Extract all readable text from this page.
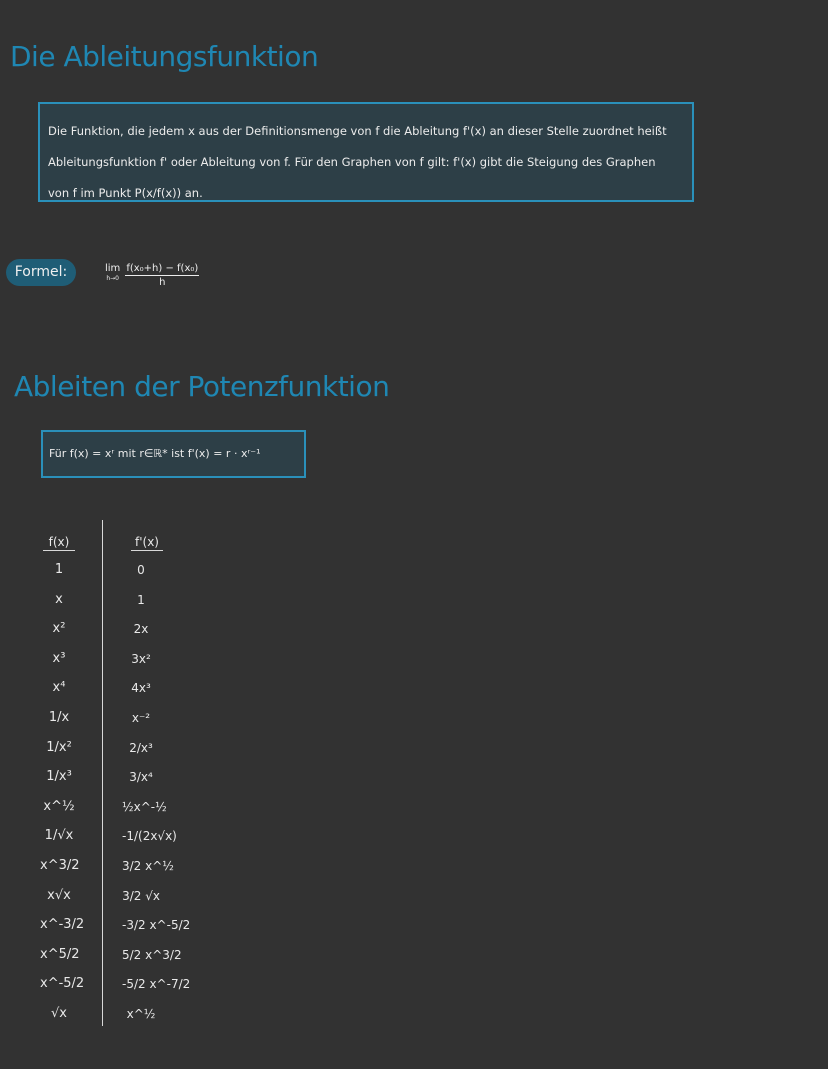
Die Ableitungsfunktion

Die Funktion, die jedem x aus der Definitionsmenge von f die Ableitung f'(x) an dieser Stelle zuordnet heißt

Ableitungsfunktion f' oder Ableitung von f. Für den Graphen von f gilt: f'(x) gibt die Steigung des Graphen

von f im Punkt P(x/f(x)) an.

Formel:	lim
$h\to 0 \frac{\text{f(x₀+h) − f(x₀)}}{h}$
Ableiten der Potenzfunktion
Für f(x) = xʳ mit r∈ℝ* ist f'(x) = r · xʳ⁻¹
f(x)	f'(x)
1	0
x	1
x²	2x
x³	3x²
x⁴	4x³
1/x	x⁻²
1/x²	2/x³
1/x³	3/x⁴
x^½	½x^-½
1/√x	-1/(2x√x)
x^3/2	3/2 x^½
x√x	3/2 √x
x^-3/2	-3/2 x^-5/2
x^5/2	5/2 x^3/2
x^-5/2	-5/2 x^-7/2
√x	x^½
